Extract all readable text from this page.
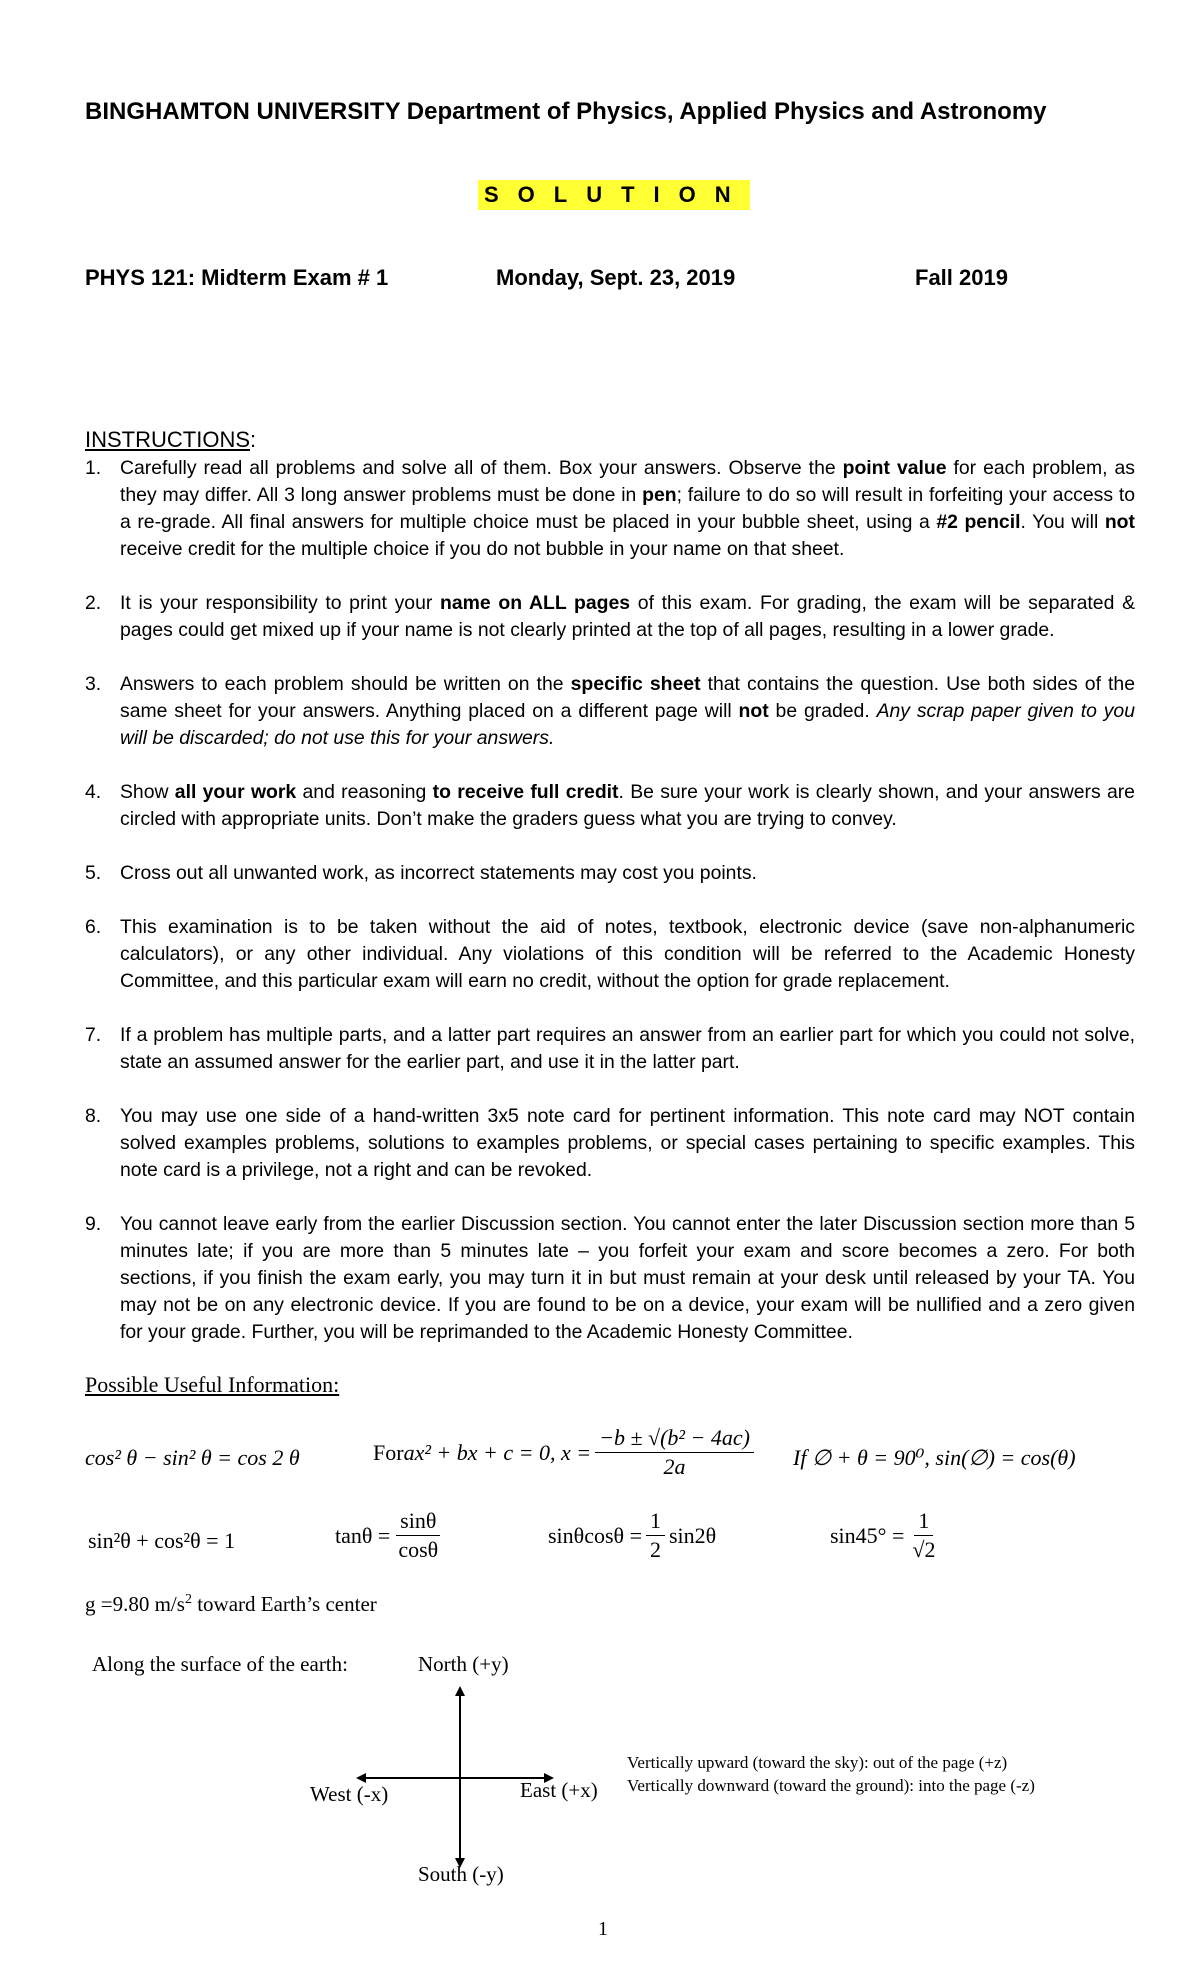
BINGHAMTON UNIVERSITY Department of Physics, Applied Physics and Astronomy
SOLUTION
PHYS 121: Midterm Exam # 1	Monday, Sept. 23, 2019	Fall 2019
INSTRUCTIONS:
1. Carefully read all problems and solve all of them. Box your answers. Observe the point value for each problem, as they may differ. All 3 long answer problems must be done in pen; failure to do so will result in forfeiting your access to a re-grade. All final answers for multiple choice must be placed in your bubble sheet, using a #2 pencil. You will not receive credit for the multiple choice if you do not bubble in your name on that sheet.
2. It is your responsibility to print your name on ALL pages of this exam. For grading, the exam will be separated & pages could get mixed up if your name is not clearly printed at the top of all pages, resulting in a lower grade.
3. Answers to each problem should be written on the specific sheet that contains the question. Use both sides of the same sheet for your answers. Anything placed on a different page will not be graded. Any scrap paper given to you will be discarded; do not use this for your answers.
4. Show all your work and reasoning to receive full credit. Be sure your work is clearly shown, and your answers are circled with appropriate units. Don’t make the graders guess what you are trying to convey.
5. Cross out all unwanted work, as incorrect statements may cost you points.
6. This examination is to be taken without the aid of notes, textbook, electronic device (save non-alphanumeric calculators), or any other individual. Any violations of this condition will be referred to the Academic Honesty Committee, and this particular exam will earn no credit, without the option for grade replacement.
7. If a problem has multiple parts, and a latter part requires an answer from an earlier part for which you could not solve, state an assumed answer for the earlier part, and use it in the latter part.
8. You may use one side of a hand-written 3x5 note card for pertinent information. This note card may NOT contain solved examples problems, solutions to examples problems, or special cases pertaining to specific examples. This note card is a privilege, not a right and can be revoked.
9. You cannot leave early from the earlier Discussion section. You cannot enter the later Discussion section more than 5 minutes late; if you are more than 5 minutes late – you forfeit your exam and score becomes a zero. For both sections, if you finish the exam early, you may turn it in but must remain at your desk until released by your TA. You may not be on any electronic device. If you are found to be on a device, your exam will be nullified and a zero given for your grade. Further, you will be reprimanded to the Academic Honesty Committee.
Possible Useful Information:
cos² θ − sin² θ = cos 2 θ	For ax² + bx + c = 0, $x = \frac{\text{−b ± √(b² − 4ac)}}{2a}$ If ∅ + θ = 90⁰, sin(∅) = cos(θ)
sin²θ + cos²θ = 1	$\tan\theta = \frac{\sin\theta}{\cos\theta}$	$\sin\theta\cos\theta = \frac{1}{2} \sin 2\theta$	$\sin 45^\circ = \frac{1}{√2}$
g =9.80 $m/s^2$ toward Earth’s center
Along the surface of the earth:	North (+y)
South (-y)
East (+x)
West (-x)
Vertically upward (toward the sky): out of the page (+z)
Vertically downward (toward the ground): into the page (-z)
1
